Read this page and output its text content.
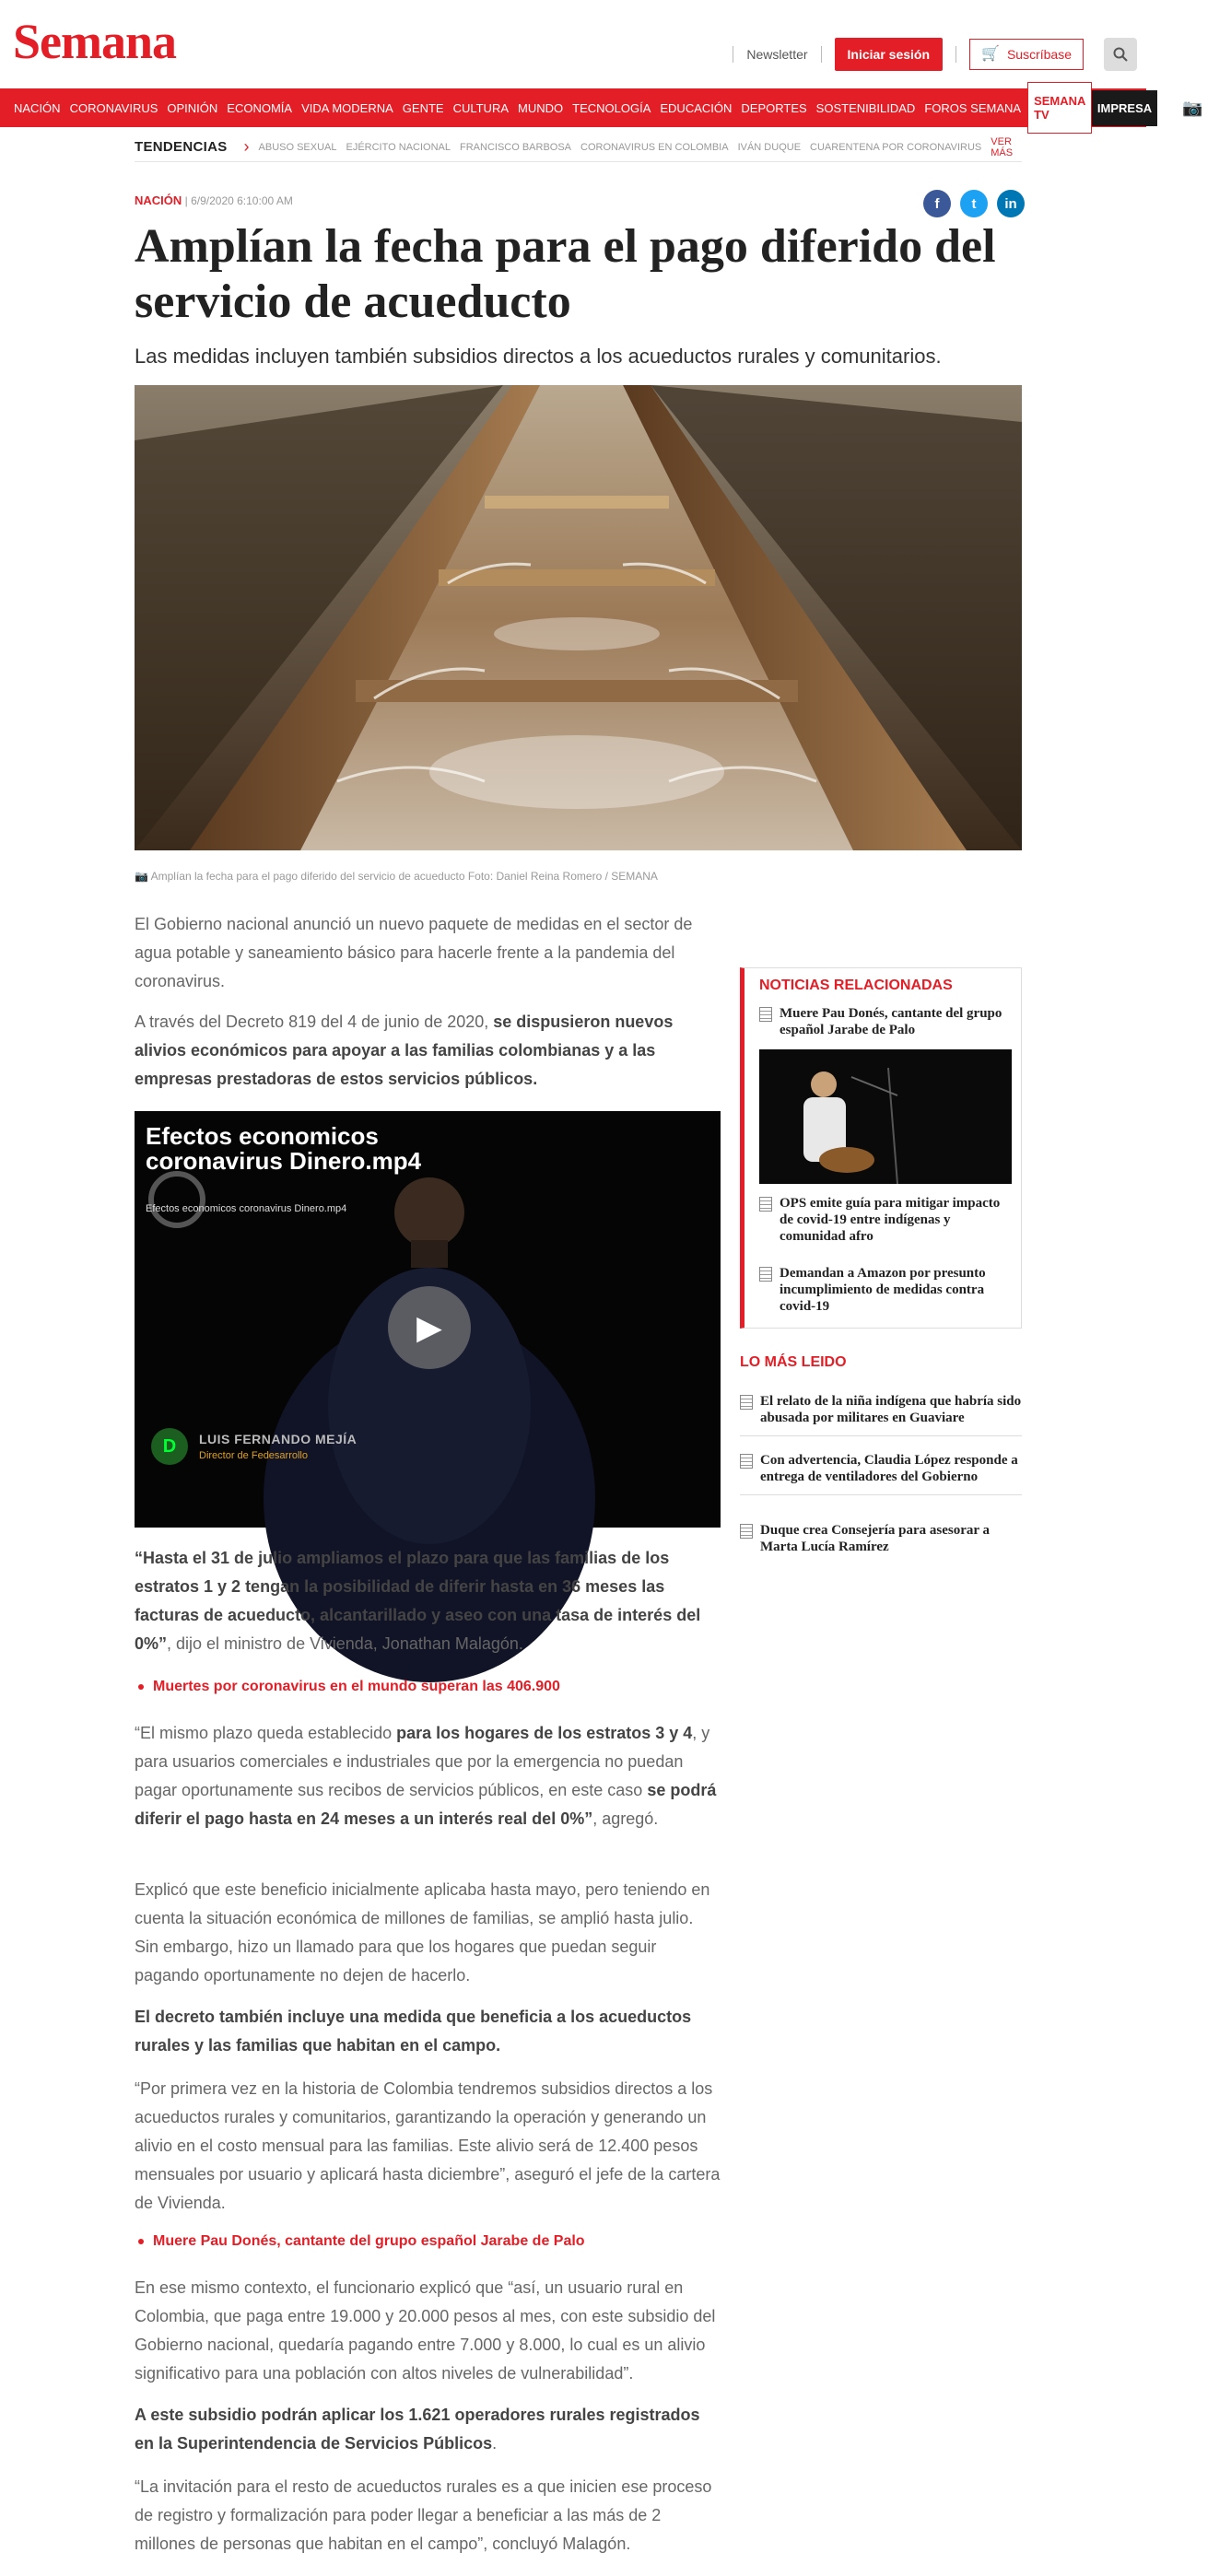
Semana	Newsletter	Iniciar sesión	🛒 Suscríbase
NACIÓN CORONAVIRUS OPINIÓN ECONOMÍA VIDA MODERNA GENTE CULTURA MUNDO TECNOLOGÍA EDUCACIÓN DEPORTES SOSTENIBILIDAD FOROS SEMANA	SEMANA TV	IMPRESA	▶ 📷 🎙
TENDENCIAS › ABUSO SEXUAL EJÉRCITO NACIONAL FRANCISCO BARBOSA CORONAVIRUS EN COLOMBIA IVÁN DUQUE CUARENTENA POR CORONAVIRUS VER MÁS
NACIÓN | 6/9/2020 6:10:00 AM	f	t	in
Amplían la fecha para el pago diferido del servicio de acueducto

Las medidas incluyen también subsidios directos a los acueductos rurales y comunitarios.

📷 Amplían la fecha para el pago diferido del servicio de acueducto Foto: Daniel Reina Romero / SEMANA

El Gobierno nacional anunció un nuevo paquete de medidas en el sector de agua potable y saneamiento básico para hacerle frente a la pandemia del coronavirus.

A través del Decreto 819 del 4 de junio de 2020, se dispusieron nuevos alivios económicos para apoyar a las familias colombianas y a las empresas prestadoras de estos servicios públicos.

Efectos economicos coronavirus Dinero.mp4
Efectos economicos coronavirus Dinero.mp4
▶
D	LUIS FERNANDO MEJÍA
Director de Fedesarrollo

“Hasta el 31 de julio ampliamos el plazo para que las familias de los estratos 1 y 2 tengan la posibilidad de diferir hasta en 36 meses las facturas de acueducto, alcantarillado y aseo con una tasa de interés del 0%”, dijo el ministro de Vivienda, Jonathan Malagón.

Muertes por coronavirus en el mundo superan las 406.900

“El mismo plazo queda establecido para los hogares de los estratos 3 y 4, y para usuarios comerciales e industriales que por la emergencia no puedan pagar oportunamente sus recibos de servicios públicos, en este caso se podrá diferir el pago hasta en 24 meses a un interés real del 0%”, agregó.

Explicó que este beneficio inicialmente aplicaba hasta mayo, pero teniendo en cuenta la situación económica de millones de familias, se amplió hasta julio. Sin embargo, hizo un llamado para que los hogares que puedan seguir pagando oportunamente no dejen de hacerlo.

El decreto también incluye una medida que beneficia a los acueductos rurales y las familias que habitan en el campo.

“Por primera vez en la historia de Colombia tendremos subsidios directos a los acueductos rurales y comunitarios, garantizando la operación y generando un alivio en el costo mensual para las familias. Este alivio será de 12.400 pesos mensuales por usuario y aplicará hasta diciembre”, aseguró el jefe de la cartera de Vivienda.

Muere Pau Donés, cantante del grupo español Jarabe de Palo

En ese mismo contexto, el funcionario explicó que “así, un usuario rural en Colombia, que paga entre 19.000 y 20.000 pesos al mes, con este subsidio del Gobierno nacional, quedaría pagando entre 7.000 y 8.000, lo cual es un alivio significativo para una población con altos niveles de vulnerabilidad”.

A este subsidio podrán aplicar los 1.621 operadores rurales registrados en la Superintendencia de Servicios Públicos.

“La invitación para el resto de acueductos rurales es a que inicien ese proceso de registro y formalización para poder llegar a beneficiar a las más de 2 millones de personas que habitan en el campo”, concluyó Malagón.

NOTICIAS RELACIONADAS
Muere Pau Donés, cantante del grupo español Jarabe de Palo
OPS emite guía para mitigar impacto de covid-19 entre indígenas y comunidad afro
Demandan a Amazon por presunto incumplimiento de medidas contra covid-19
LO MÁS LEIDO
El relato de la niña indígena que habría sido abusada por militares en Guaviare
Con advertencia, Claudia López responde a entrega de ventiladores del Gobierno
Duque crea Consejería para asesorar a Marta Lucía Ramírez
